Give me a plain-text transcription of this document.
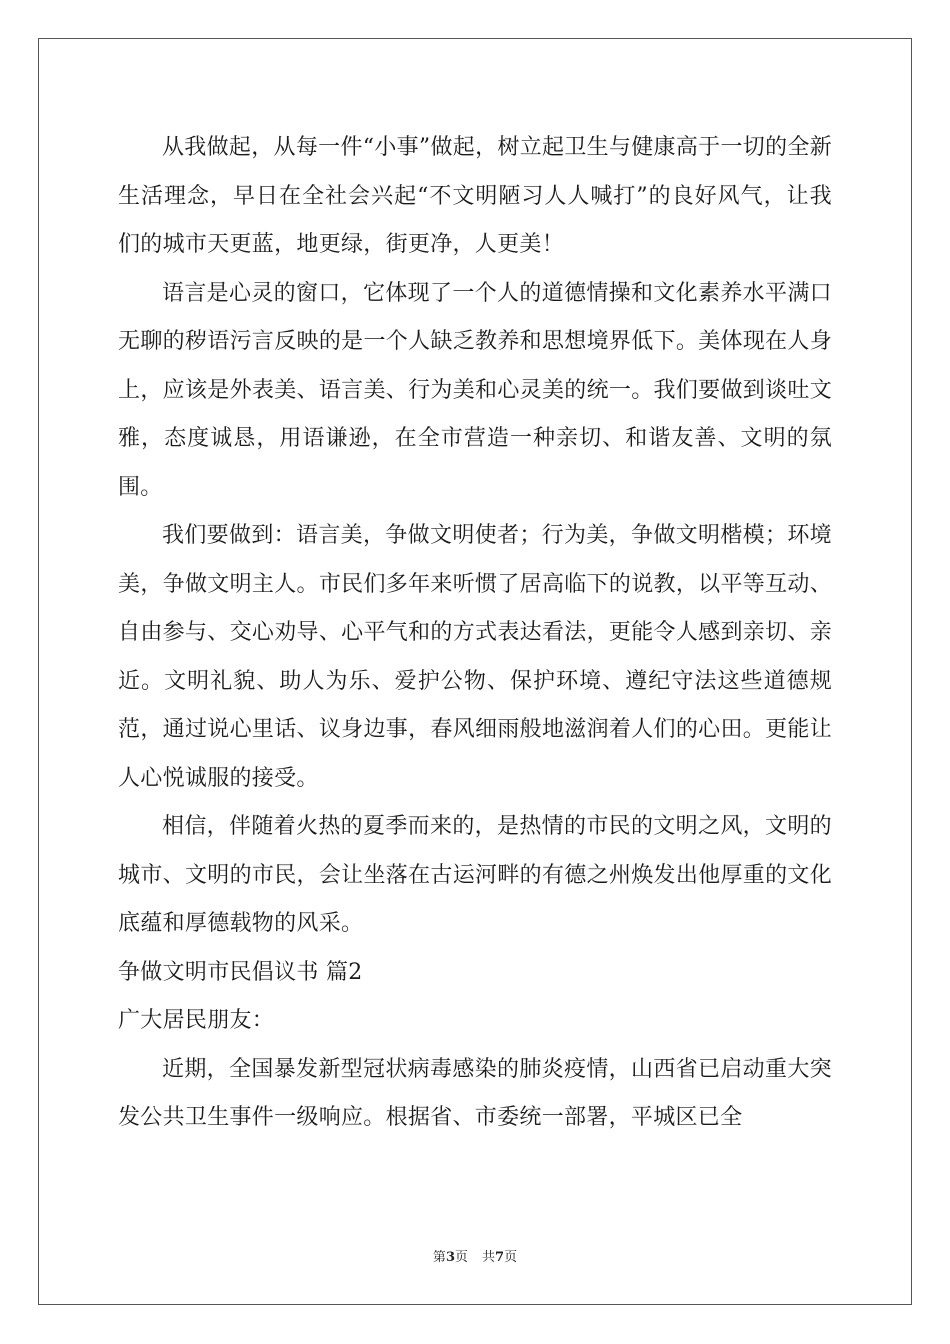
从我做起，从每一件“小事”做起，树立起卫生与健康高于一切的全新生活理念，早日在全社会兴起“不文明陋习人人喊打”的良好风气，让我们的城市天更蓝，地更绿，街更净，人更美！

语言是心灵的窗口，它体现了一个人的道德情操和文化素养水平满口无聊的秽语污言反映的是一个人缺乏教养和思想境界低下。美体现在人身上，应该是外表美、语言美、行为美和心灵美的统一。我们要做到谈吐文雅，态度诚恳，用语谦逊，在全市营造一种亲切、和谐友善、文明的氛围。

我们要做到：语言美，争做文明使者；行为美，争做文明楷模；环境美，争做文明主人。市民们多年来听惯了居高临下的说教，以平等互动、自由参与、交心劝导、心平气和的方式表达看法，更能令人感到亲切、亲近。文明礼貌、助人为乐、爱护公物、保护环境、遵纪守法这些道德规范，通过说心里话、议身边事，春风细雨般地滋润着人们的心田。更能让人心悦诚服的接受。

相信，伴随着火热的夏季而来的，是热情的市民的文明之风，文明的城市、文明的市民，会让坐落在古运河畔的有德之州焕发出他厚重的文化底蕴和厚德载物的风采。

争做文明市民倡议书 篇2

广大居民朋友：

近期，全国暴发新型冠状病毒感染的肺炎疫情，山西省已启动重大突发公共卫生事件一级响应。根据省、市委统一部署，平城区已全

第3页 共7页
